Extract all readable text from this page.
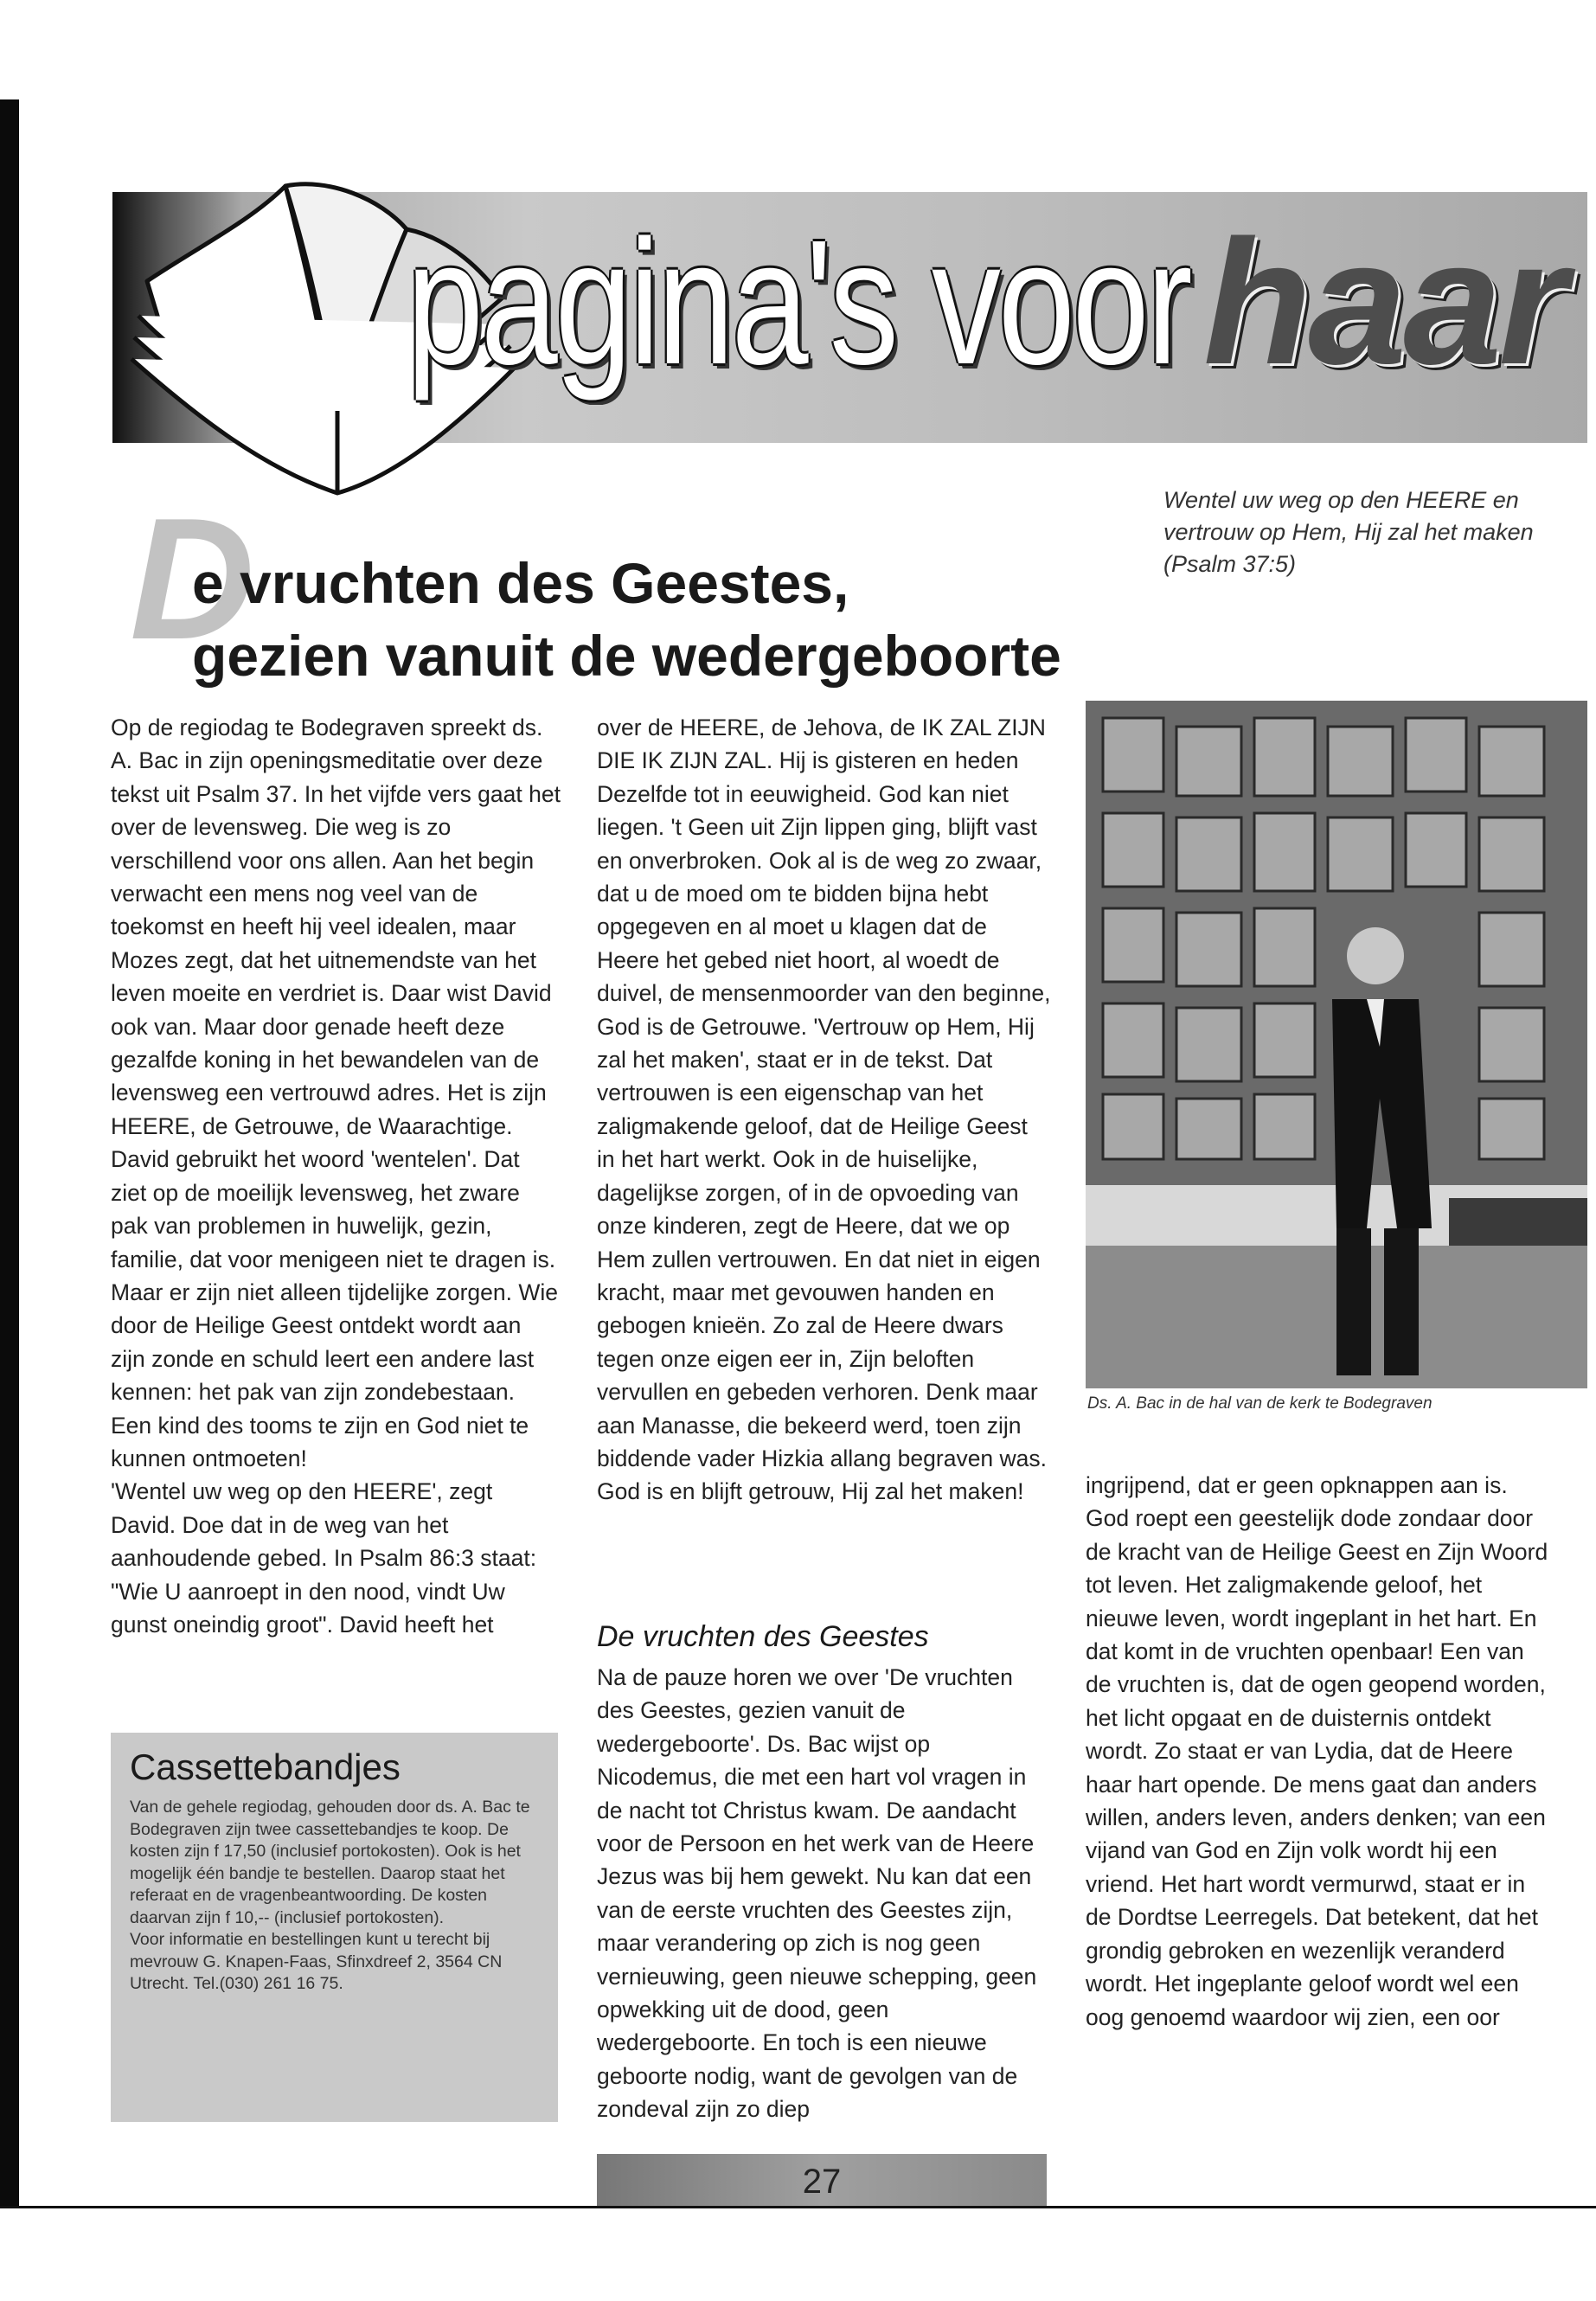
pagina's voorhaar
Wentel uw weg op den HEERE en vertrouw op Hem, Hij zal het maken (Psalm 37:5)
D
e vruchten des Geestes,
gezien vanuit de wedergeboorte

Op de regiodag te Bodegraven spreekt ds. A. Bac in zijn openingsmeditatie over deze tekst uit Psalm 37. In het vijfde vers gaat het over de levensweg. Die weg is zo verschillend voor ons allen. Aan het begin verwacht een mens nog veel van de toekomst en heeft hij veel idealen, maar Mozes zegt, dat het uitnemendste van het leven moeite en verdriet is. Daar wist David ook van. Maar door genade heeft deze gezalfde koning in het bewandelen van de levensweg een vertrouwd adres. Het is zijn HEERE, de Getrouwe, de Waarachtige. David gebruikt het woord 'wentelen'. Dat ziet op de moeilijk levensweg, het zware pak van problemen in huwelijk, gezin, familie, dat voor menigeen niet te dragen is. Maar er zijn niet alleen tijdelijke zorgen. Wie door de Heilige Geest ontdekt wordt aan zijn zonde en schuld leert een andere last kennen: het pak van zijn zondebestaan. Een kind des tooms te zijn en God niet te kunnen ontmoeten!

'Wentel uw weg op den HEERE', zegt David. Doe dat in de weg van het aanhoudende gebed. In Psalm 86:3 staat: "Wie U aanroept in den nood, vindt Uw gunst oneindig groot". David heeft het

over de HEERE, de Jehova, de IK ZAL ZIJN DIE IK ZIJN ZAL. Hij is gisteren en heden Dezelfde tot in eeuwigheid. God kan niet liegen. 't Geen uit Zijn lippen ging, blijft vast en onverbroken. Ook al is de weg zo zwaar, dat u de moed om te bidden bijna hebt opgegeven en al moet u klagen dat de Heere het gebed niet hoort, al woedt de duivel, de mensenmoorder van den beginne, God is de Getrouwe. 'Vertrouw op Hem, Hij zal het maken', staat er in de tekst. Dat vertrouwen is een eigenschap van het zaligmakende geloof, dat de Heilige Geest in het hart werkt. Ook in de huiselijke, dagelijkse zorgen, of in de opvoeding van onze kinderen, zegt de Heere, dat we op Hem zullen vertrouwen. En dat niet in eigen kracht, maar met gevouwen handen en gebogen knieën. Zo zal de Heere dwars tegen onze eigen eer in, Zijn beloften vervullen en gebeden verhoren. Denk maar aan Manasse, die bekeerd werd, toen zijn biddende vader Hizkia allang begraven was. God is en blijft getrouw, Hij zal het maken!

De vruchten des Geestes

Na de pauze horen we over 'De vruchten des Geestes, gezien vanuit de wedergeboorte'. Ds. Bac wijst op Nicodemus, die met een hart vol vragen in de nacht tot Christus kwam. De aandacht voor de Persoon en het werk van de Heere Jezus was bij hem gewekt. Nu kan dat een van de eerste vruchten des Geestes zijn, maar verandering op zich is nog geen vernieuwing, geen nieuwe schepping, geen opwekking uit de dood, geen wedergeboorte. En toch is een nieuwe geboorte nodig, want de gevolgen van de zondeval zijn zo diep

Ds. A. Bac in de hal van de kerk te Bodegraven

ingrijpend, dat er geen opknappen aan is. God roept een geestelijk dode zondaar door de kracht van de Heilige Geest en Zijn Woord tot leven. Het zaligmakende geloof, het nieuwe leven, wordt ingeplant in het hart. En dat komt in de vruchten openbaar! Een van de vruchten is, dat de ogen geopend worden, het licht opgaat en de duisternis ontdekt wordt. Zo staat er van Lydia, dat de Heere haar hart opende. De mens gaat dan anders willen, anders leven, anders denken; van een vijand van God en Zijn volk wordt hij een vriend. Het hart wordt vermurwd, staat er in de Dordtse Leerregels. Dat betekent, dat het grondig gebroken en wezenlijk veranderd wordt. Het ingeplante geloof wordt wel een oog genoemd waardoor wij zien, een oor

Cassettebandjes

Van de gehele regiodag, gehouden door ds. A. Bac te Bodegraven zijn twee cassettebandjes te koop. De kosten zijn f 17,50 (inclusief portokosten). Ook is het mogelijk één bandje te bestellen. Daarop staat het referaat en de vragenbeantwoording. De kosten daarvan zijn f 10,-- (inclusief portokosten).

Voor informatie en bestellingen kunt u terecht bij mevrouw G. Knapen-Faas, Sfinxdreef 2, 3564 CN Utrecht. Tel.(030) 261 16 75.

27
